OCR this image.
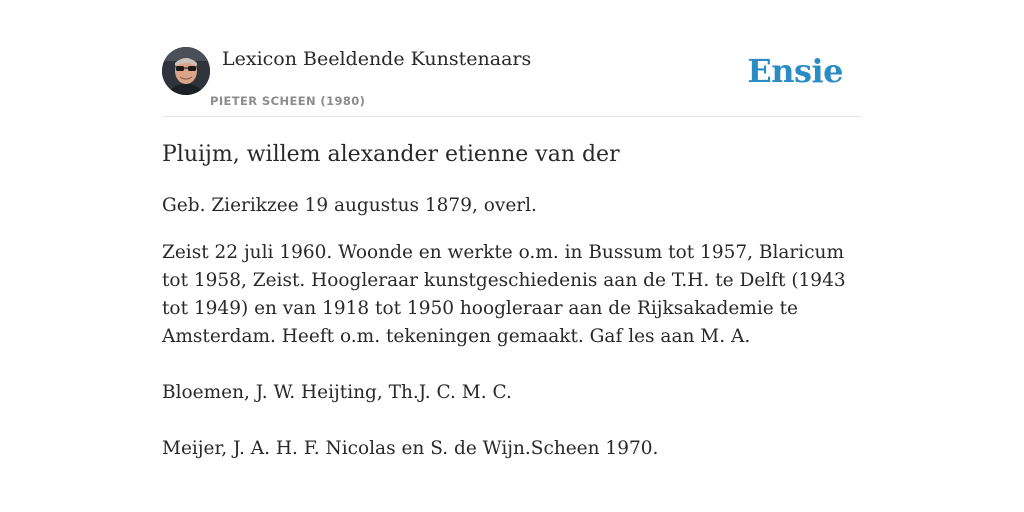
Lexicon Beeldende Kunstenaars
PIETER SCHEEN (1980)
Ensie
Pluijm, willem alexander etienne van der

Geb. Zierikzee 19 augustus 1879, overl.

Zeist 22 juli 1960. Woonde en werkte o.m. in Bussum tot 1957, Blaricum tot 1958, Zeist. Hoogleraar kunstgeschiedenis aan de T.H. te Delft (1943 tot 1949) en van 1918 tot 1950 hoogleraar aan de Rijksakademie te Amsterdam. Heeft o.m. tekeningen gemaakt. Gaf les aan M. A.

Bloemen, J. W. Heijting, Th.J. C. M. C.

Meijer, J. A. H. F. Nicolas en S. de Wijn.Scheen 1970.
